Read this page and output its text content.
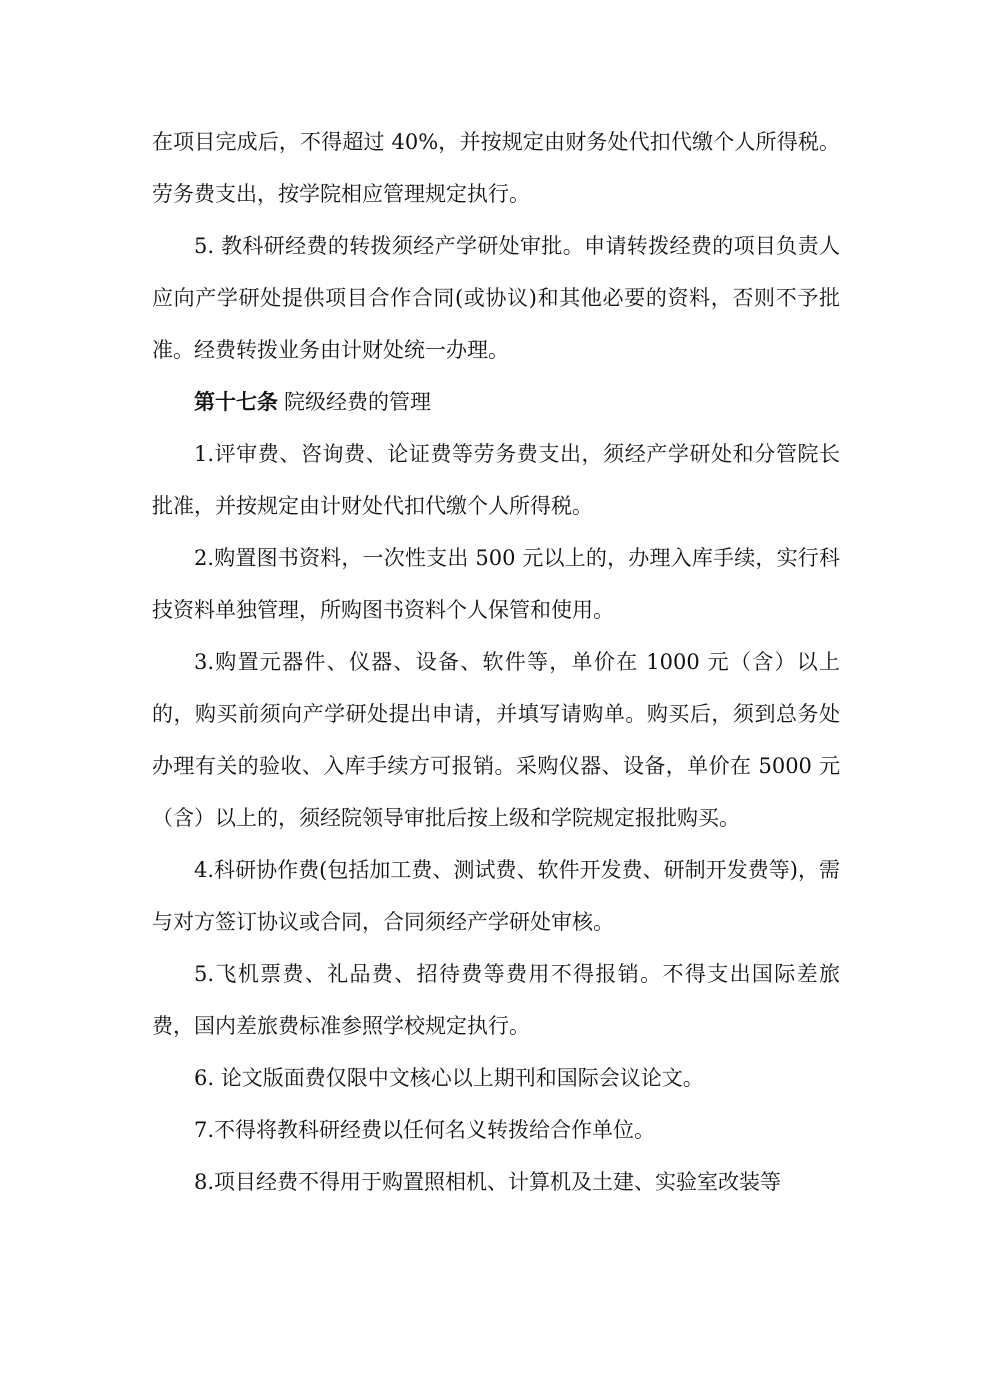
在项目完成后，不得超过 40%，并按规定由财务处代扣代缴个人所得税。劳务费支出，按学院相应管理规定执行。

5. 教科研经费的转拨须经产学研处审批。申请转拨经费的项目负责人应向产学研处提供项目合作合同(或协议)和其他必要的资料，否则不予批准。经费转拨业务由计财处统一办理。

第十七条 院级经费的管理

1.评审费、咨询费、论证费等劳务费支出，须经产学研处和分管院长批准，并按规定由计财处代扣代缴个人所得税。

2.购置图书资料，一次性支出 500 元以上的，办理入库手续，实行科技资料单独管理，所购图书资料个人保管和使用。

3.购置元器件、仪器、设备、软件等，单价在 1000 元（含）以上的，购买前须向产学研处提出申请，并填写请购单。购买后，须到总务处办理有关的验收、入库手续方可报销。采购仪器、设备，单价在 5000 元（含）以上的，须经院领导审批后按上级和学院规定报批购买。

4.科研协作费(包括加工费、测试费、软件开发费、研制开发费等)，需与对方签订协议或合同，合同须经产学研处审核。

5.飞机票费、礼品费、招待费等费用不得报销。不得支出国际差旅费，国内差旅费标准参照学校规定执行。

6. 论文版面费仅限中文核心以上期刊和国际会议论文。

7.不得将教科研经费以任何名义转拨给合作单位。

8.项目经费不得用于购置照相机、计算机及土建、实验室改装等
